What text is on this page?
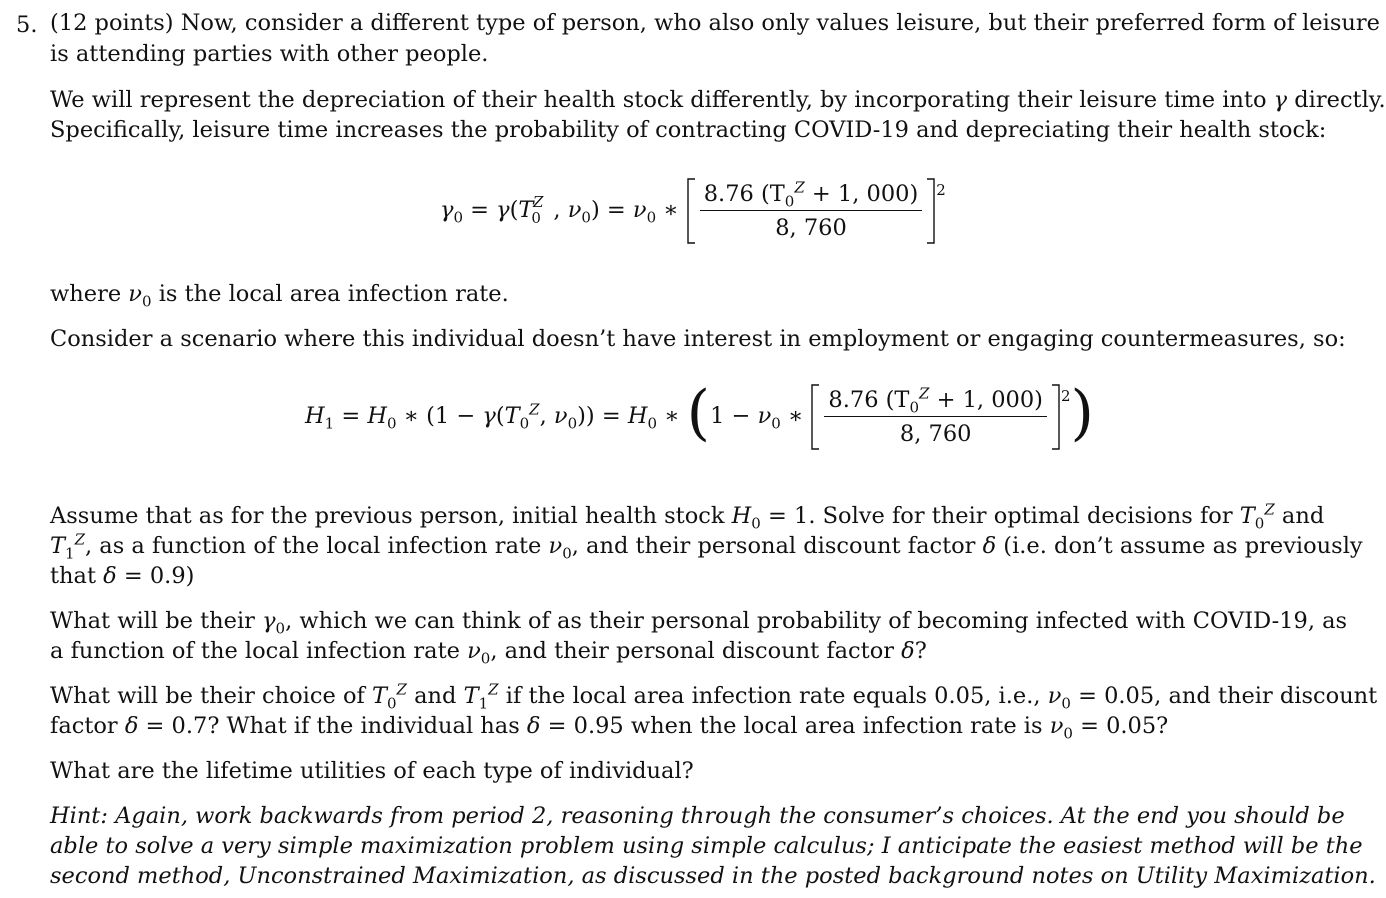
5. (12 points) Now, consider a different type of person, who also only values leisure, but their preferred form of leisure
is attending parties with other people.
We will represent the depreciation of their health stock differently, by incorporating their leisure time into γ directly.
Specifically, leisure time increases the probability of contracting COVID-19 and depreciating their health stock:
$\gamma_0 = \gamma(T_0^Z$ , $\nu_0) = \nu_0$ ∗ $\frac{8.76 (T_0^Z + 1, 000)}{8, 760} ^2$
where $\nu_0$ is the local area infection rate.
Consider a scenario where this individual doesn’t have interest in employment or engaging countermeasures, so:
$H_1 = H_0$ ∗ ($1 - \gamma(T_0^Z$, $\nu_0)) = H_0$ ∗ ($1 - \nu_0$ ∗ $\frac{8.76 (T_0^Z + 1, 000)}{8, 760} ^2$)
Assume that as for the previous person, initial health stock $H_0 = 1$. Solve for their optimal decisions for $T_0^Z$ and
$T_1^Z$, as a function of the local infection rate $\nu_0$, and their personal discount factor δ (i.e. don’t assume as previously
that δ = 0.9)
What will be their $\gamma_0$, which we can think of as their personal probability of becoming infected with COVID-19, as
a function of the local infection rate $\nu_0$, and their personal discount factor δ?
What will be their choice of $T_0^Z$ and $T_1^Z$ if the local area infection rate equals 0.05, i.e., $\nu_0 = 0.05$, and their discount
factor δ = 0.7? What if the individual has δ = 0.95 when the local area infection rate is $\nu_0 = 0.05$?
What are the lifetime utilities of each type of individual?
Hint: Again, work backwards from period 2, reasoning through the consumer’s choices. At the end you should be
able to solve a very simple maximization problem using simple calculus; I anticipate the easiest method will be the
second method, Unconstrained Maximization, as discussed in the posted background notes on Utility Maximization.
